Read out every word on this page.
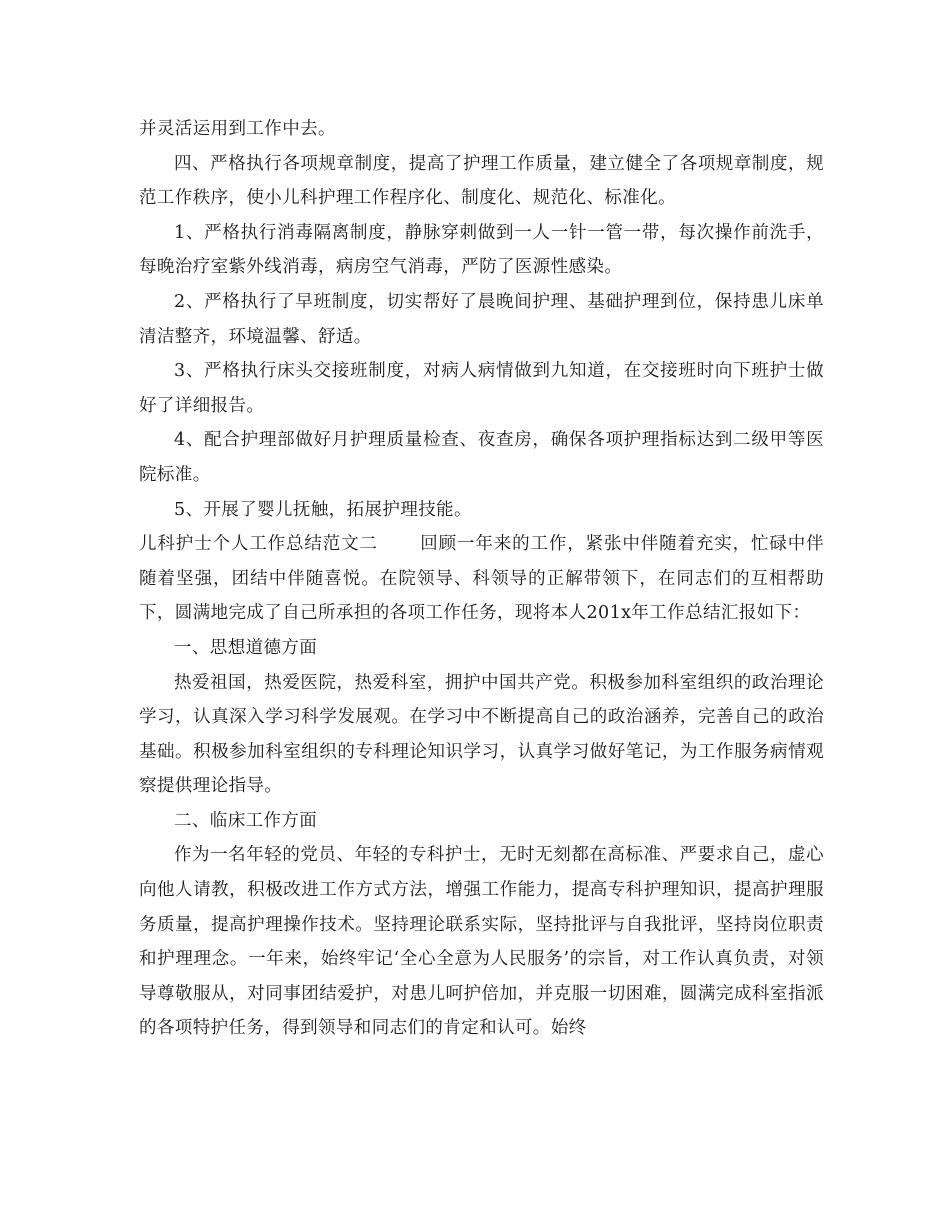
并灵活运用到工作中去。

四、严格执行各项规章制度，提高了护理工作质量，建立健全了各项规章制度，规范工作秩序，使小儿科护理工作程序化、制度化、规范化、标准化。

1、严格执行消毒隔离制度，静脉穿刺做到一人一针一管一带，每次操作前洗手，每晚治疗室紫外线消毒，病房空气消毒，严防了医源性感染。

2、严格执行了早班制度，切实帮好了晨晚间护理、基础护理到位，保持患儿床单清洁整齐，环境温馨、舒适。

3、严格执行床头交接班制度，对病人病情做到九知道，在交接班时向下班护士做好了详细报告。

4、配合护理部做好月护理质量检查、夜查房，确保各项护理指标达到二级甲等医院标准。

5、开展了婴儿抚触，拓展护理技能。

儿科护士个人工作总结范文二 回顾一年来的工作，紧张中伴随着充实，忙碌中伴随着坚强，团结中伴随喜悦。在院领导、科领导的正解带领下，在同志们的互相帮助下，圆满地完成了自己所承担的各项工作任务，现将本人201x年工作总结汇报如下：

一、思想道德方面

热爱祖国，热爱医院，热爱科室，拥护中国共产党。积极参加科室组织的政治理论学习，认真深入学习科学发展观。在学习中不断提高自己的政治涵养，完善自己的政治基础。积极参加科室组织的专科理论知识学习，认真学习做好笔记，为工作服务病情观察提供理论指导。

二、临床工作方面

作为一名年轻的党员、年轻的专科护士，无时无刻都在高标准、严要求自己，虚心向他人请教，积极改进工作方式方法，增强工作能力，提高专科护理知识，提高护理服务质量，提高护理操作技术。坚持理论联系实际，坚持批评与自我批评，坚持岗位职责和护理理念。一年来，始终牢记‘全心全意为人民服务’的宗旨，对工作认真负责，对领导尊敬服从，对同事团结爱护，对患儿呵护倍加，并克服一切困难，圆满完成科室指派的各项特护任务，得到领导和同志们的肯定和认可。始终
